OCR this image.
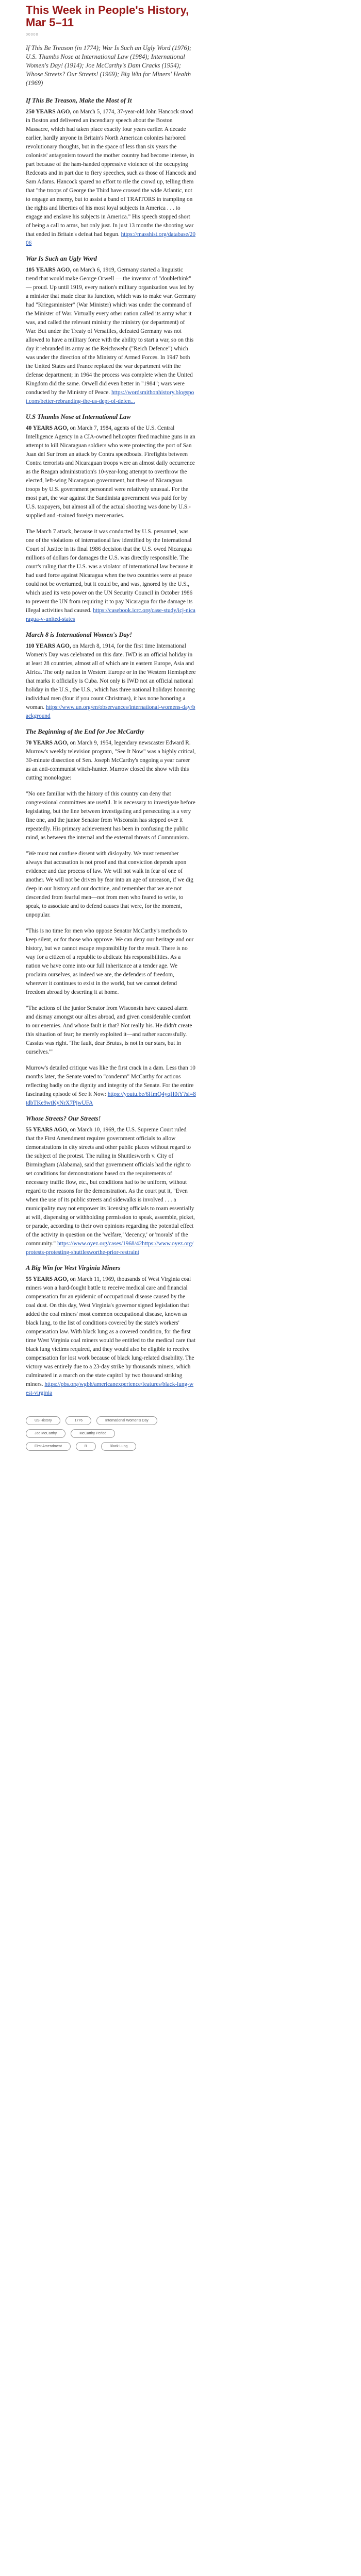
This Week in People's History, Mar 5–11
00000
If This Be Treason (in 1774); War Is Such an Ugly Word (1976); U.S. Thumbs Nose at International Law (1984); International Women's Day! (1914); Joe McCarthy's Dam Cracks (1954); Whose Streets? Our Streets! (1969); Big Win for Miners' Health (1969)
If This Be Treason, Make the Most of It

250 YEARS AGO, on March 5, 1774, 37-year-old John Hancock stood in Boston and delivered an incendiary speech about the Boston Massacre, which had taken place exactly four years earlier. A decade earlier, hardly anyone in Britain's North American colonies harbored revolutionary thoughts, but in the space of less than six years the colonists' antagonism toward the mother country had become intense, in part because of the ham-handed oppressive violence of the occupying Redcoats and in part due to fiery speeches, such as those of Hancock and Sam Adams. Hancock spared no effort to rile the crowd up, telling them that "the troops of George the Third have crossed the wide Atlantic, not to engage an enemy, but to assist a band of TRAITORS in trampling on the rights and liberties of his most loyal subjects in America . . . to engage and enslave his subjects in America." His speech stopped short of being a call to arms, but only just. In just 13 months the shooting war that ended in Britain's defeat had begun. https://masshist.org/database/2006

War Is Such an Ugly Word

105 YEARS AGO, on March 6, 1919, Germany started a linguistic trend that would make George Orwell — the inventor of "doublethink" — proud. Up until 1919, every nation's military organization was led by a minister that made clear its function, which was to make war. Germany had "Kriegsminister" (War Minister) which was under the command of the Minister of War. Virtually every other nation called its army what it was, and called the relevant ministry the ministry (or department) of War. But under the Treaty of Versailles, defeated Germany was not allowed to have a military force with the ability to start a war, so on this day it rebranded its army as the Reichswehr ("Reich Defence") which was under the direction of the Ministry of Armed Forces. In 1947 both the United States and France replaced the war department with the defense department; in 1964 the process was complete when the United Kingdom did the same. Orwell did even better in "1984"; wars were conducted by the Ministry of Peace. https://wordsmithonhistory.blogspot.com/better-rebranding-the-us-dept-of-defen...

U.S Thumbs Nose at International Law

40 YEARS AGO, on March 7, 1984, agents of the U.S. Central Intelligence Agency in a CIA-owned helicopter fired machine guns in an attempt to kill Nicaraguan soldiers who were protecting the port of San Juan del Sur from an attack by Contra speedboats. Firefights between Contra terrorists and Nicaraguan troops were an almost daily occurrence as the Reagan administration's 10-year-long attempt to overthrow the elected, left-wing Nicaraguan government, but these of Nicaraguan troops by U.S. government personnel were relatively unusual. For the most part, the war against the Sandinista government was paid for by U.S. taxpayers, but almost all of the actual shooting was done by U.S.-supplied and -trained foreign mercenaries.

The March 7 attack, because it was conducted by U.S. personnel, was one of the violations of international law identified by the International Court of Justice in its final 1986 decision that the U.S. owed Nicaragua millions of dollars for damages the U.S. was directly responsible. The court's ruling that the U.S. was a violator of international law because it had used force against Nicaragua when the two countries were at peace could not be overturned, but it could be, and was, ignored by the U.S., which used its veto power on the UN Security Council in October 1986 to prevent the UN from requiring it to pay Nicaragua for the damage its illegal activities had caused. https://casebook.icrc.org/case-study/icj-nicaragua-v-united-states

March 8 is International Women's Day!

110 YEARS AGO, on March 8, 1914, for the first time International Women's Day was celebrated on this date. IWD is an official holiday in at least 28 countries, almost all of which are in eastern Europe, Asia and Africa. The only nation in Western Europe or in the Western Hemisphere that marks it officially is Cuba. Not only is IWD not an official national holiday in the U.S., the U.S., which has three national holidays honoring individual men (four if you count Christmas), it has none honoring a woman. https://www.un.org/en/observances/international-womens-day/background

The Beginning of the End for Joe McCarthy

70 YEARS AGO, on March 9, 1954, legendary newscaster Edward R. Murrow's weekly television program, "See It Now" was a highly critical, 30-minute dissection of Sen. Joseph McCarthy's ongoing a year career as an anti-communist witch-hunter. Murrow closed the show with this cutting monologue:

"No one familiar with the history of this country can deny that congressional committees are useful. It is necessary to investigate before legislating, but the line between investigating and persecuting is a very fine one, and the junior Senator from Wisconsin has stepped over it repeatedly. His primary achievement has been in confusing the public mind, as between the internal and the external threats of Communism.

"We must not confuse dissent with disloyalty. We must remember always that accusation is not proof and that conviction depends upon evidence and due process of law. We will not walk in fear of one of another. We will not be driven by fear into an age of unreason, if we dig deep in our history and our doctrine, and remember that we are not descended from fearful men—not from men who feared to write, to speak, to associate and to defend causes that were, for the moment, unpopular.

"This is no time for men who oppose Senator McCarthy's methods to keep silent, or for those who approve. We can deny our heritage and our history, but we cannot escape responsibility for the result. There is no way for a citizen of a republic to abdicate his responsibilities. As a nation we have come into our full inheritance at a tender age. We proclaim ourselves, as indeed we are, the defenders of freedom, wherever it continues to exist in the world, but we cannot defend freedom abroad by deserting it at home.

"The actions of the junior Senator from Wisconsin have caused alarm and dismay amongst our allies abroad, and given considerable comfort to our enemies. And whose fault is that? Not really his. He didn't create this situation of fear; he merely exploited it—and rather successfully. Cassius was right. 'The fault, dear Brutus, is not in our stars, but in ourselves.'"

Murrow's detailed critique was like the first crack in a dam. Less than 10 months later, the Senate voted to "condemn" McCarthy for actions reflecting badly on the dignity and integrity of the Senate. For the entire fascinating episode of See It Now: https://youtu.be/6HmQ4yqH0tY?si=8tdbTKe9wtKyNrX7PjwUFA

Whose Streets? Our Streets!

55 YEARS AGO, on March 10, 1969, the U.S. Supreme Court ruled that the First Amendment requires government officials to allow demonstrations in city streets and other public places without regard to the subject of the protest. The ruling in Shuttlesworth v. City of Birmingham (Alabama), said that government officials had the right to set conditions for demonstrations based on the requirements of necessary traffic flow, etc., but conditions had to be uniform, without regard to the reasons for the demonstration. As the court put it, "Even when the use of its public streets and sidewalks is involved . . . a municipality may not empower its licensing officials to roam essentially at will, dispensing or withholding permission to speak, assemble, picket, or parade, according to their own opinions regarding the potential effect of the activity in question on the 'welfare,' 'decency,' or 'morals' of the community." https://www.oyez.org/cases/1968/42https://www.oyez.org/protests-protesting-shuttlesworthe-prior-restraint

A Big Win for West Virginia Miners

55 YEARS AGO, on March 11, 1969, thousands of West Virginia coal miners won a hard-fought battle to receive medical care and financial compensation for an epidemic of occupational disease caused by the coal dust. On this day, West Virginia's governor signed legislation that added the coal miners' most common occupational disease, known as black lung, to the list of conditions covered by the state's workers' compensation law. With black lung as a covered condition, for the first time West Virginia coal miners would be entitled to the medical care that black lung victims required, and they would also be eligible to receive compensation for lost work because of black lung-related disability. The victory was entirely due to a 23-day strike by thousands miners, which culminated in a march on the state capitol by two thousand striking miners. https://pbs.org/wgbh/americanexperience/features/black-lung-west-virginia

US History	1776	International Women's Day
Joe McCarthy	McCarthy Period
First Amendment	B	Black Lung
